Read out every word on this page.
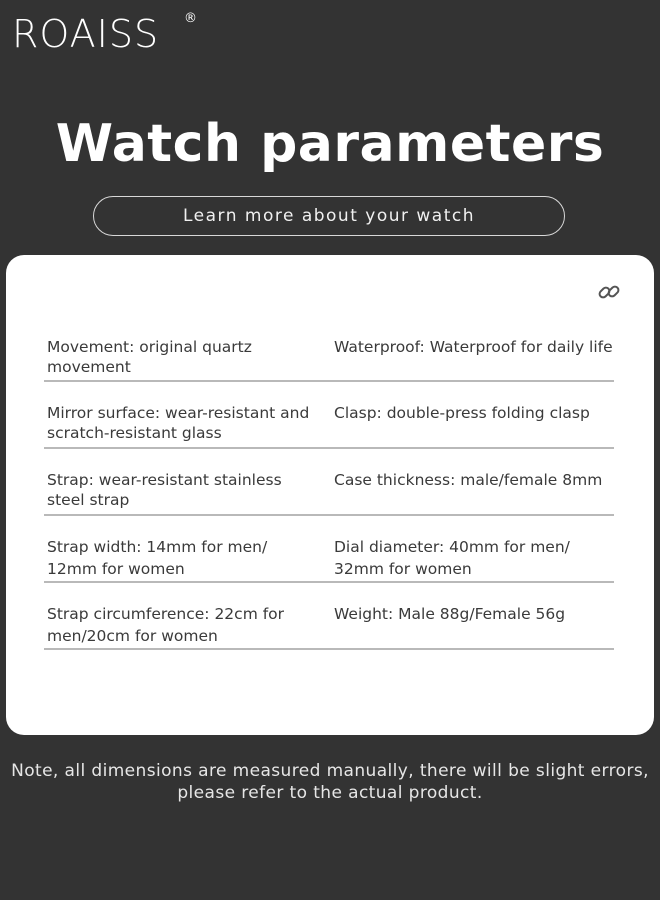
ROAISS ®
Watch parameters
Learn more about your watch
Movement: original quartz movement
Waterproof: Waterproof for daily life
Mirror surface: wear-resistant and scratch-resistant glass
Clasp: double-press folding clasp
Strap: wear-resistant stainless steel strap
Case thickness: male/female 8mm
Strap width: 14mm for men/ 12mm for women
Dial diameter: 40mm for men/ 32mm for women
Strap circumference: 22cm for men/20cm for women
Weight: Male 88g/Female 56g
Note, all dimensions are measured manually, there will be slight errors, please refer to the actual product.
